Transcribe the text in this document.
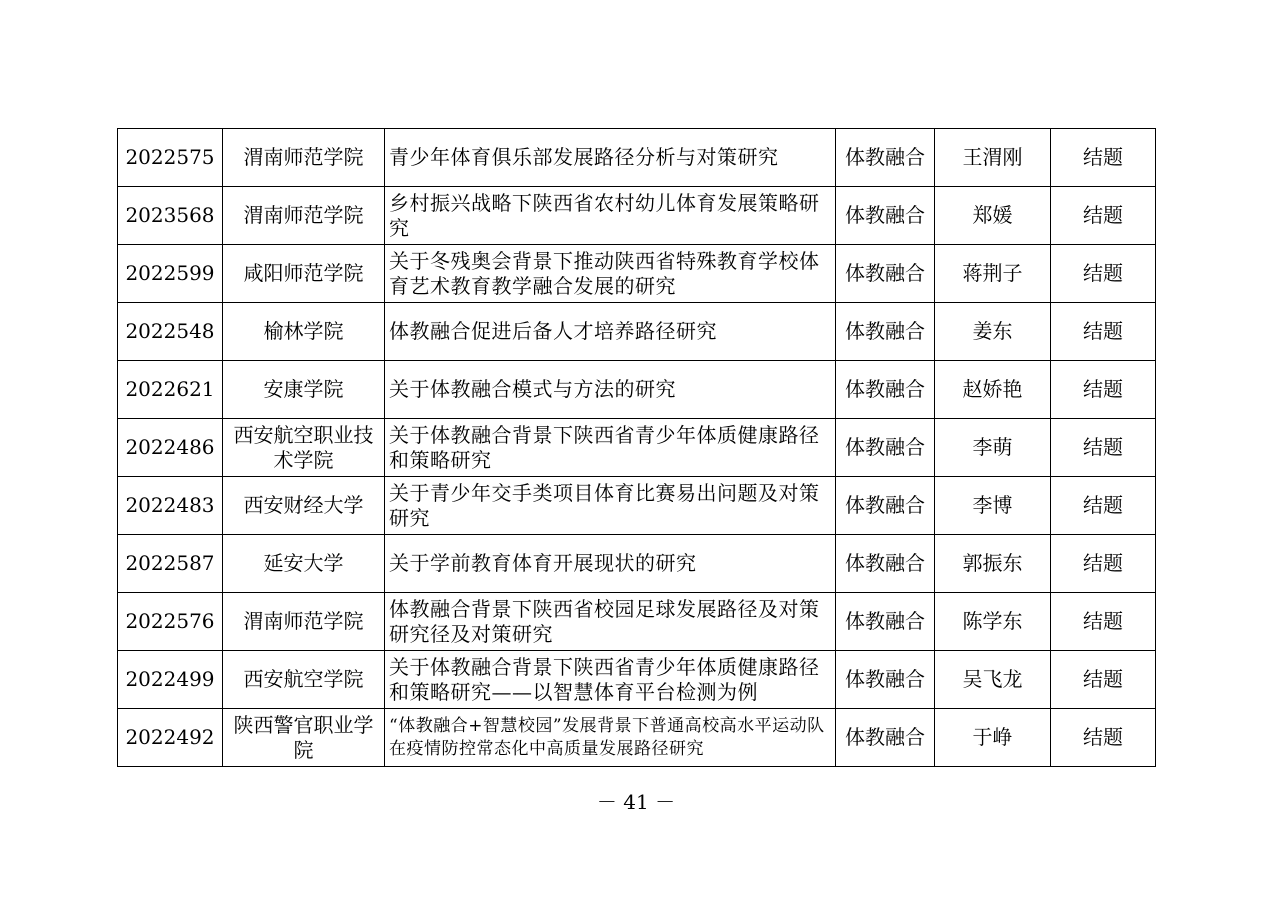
2022575	渭南师范学院	青少年体育俱乐部发展路径分析与对策研究	体教融合	王渭刚	结题
2023568	渭南师范学院	乡村振兴战略下陕西省农村幼儿体育发展策略研究	体教融合	郑媛	结题
2022599	咸阳师范学院	关于冬残奥会背景下推动陕西省特殊教育学校体育艺术教育教学融合发展的研究	体教融合	蒋荆子	结题
2022548	榆林学院	体教融合促进后备人才培养路径研究	体教融合	姜东	结题
2022621	安康学院	关于体教融合模式与方法的研究	体教融合	赵娇艳	结题
2022486	西安航空职业技术学院	关于体教融合背景下陕西省青少年体质健康路径和策略研究	体教融合	李萌	结题
2022483	西安财经大学	关于青少年交手类项目体育比赛易出问题及对策研究	体教融合	李博	结题
2022587	延安大学	关于学前教育体育开展现状的研究	体教融合	郭振东	结题
2022576	渭南师范学院	体教融合背景下陕西省校园足球发展路径及对策研究径及对策研究	体教融合	陈学东	结题
2022499	西安航空学院	关于体教融合背景下陕西省青少年体质健康路径和策略研究——以智慧体育平台检测为例	体教融合	吴飞龙	结题
2022492	陕西警官职业学院	“体教融合+智慧校园”发展背景下普通高校高水平运动队在疫情防控常态化中高质量发展路径研究	体教融合	于峥	结题
－ 41 －
